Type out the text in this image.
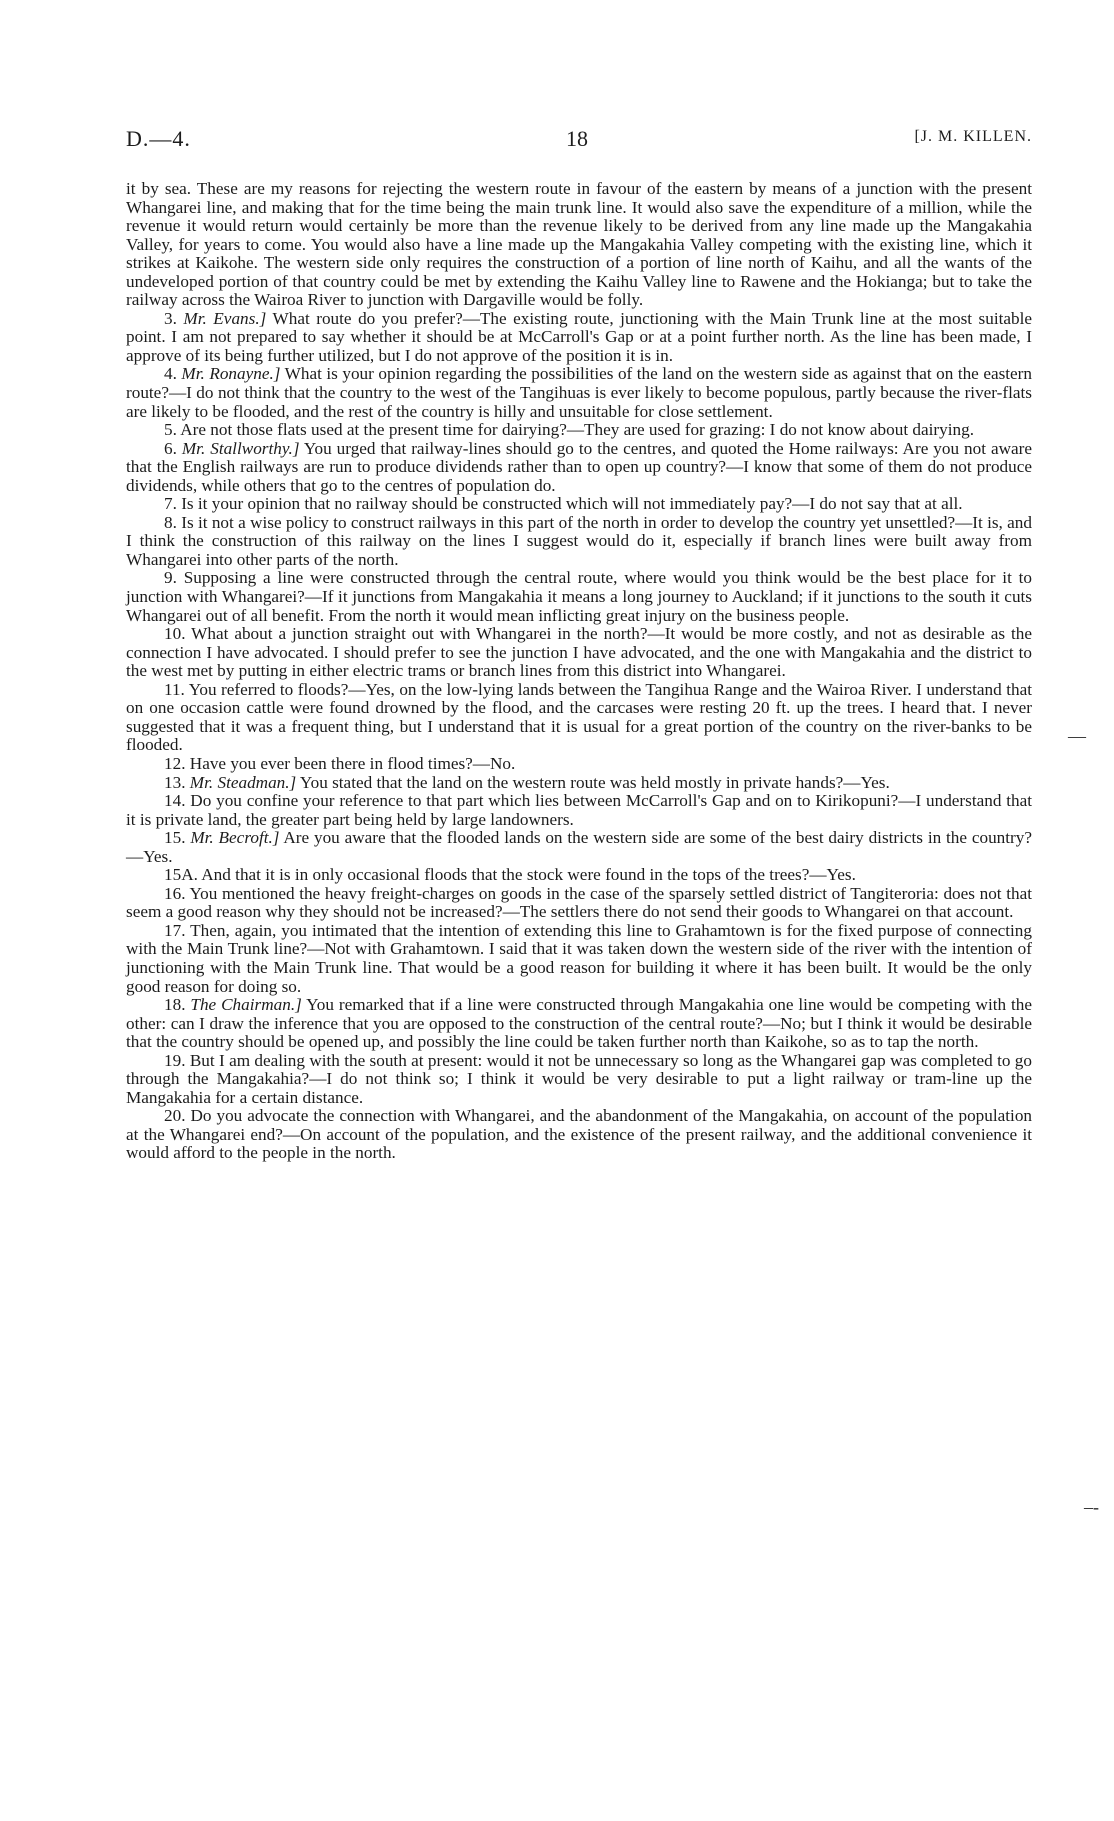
D.—4.	18	[J. M. KILLEN.

it by sea. These are my reasons for rejecting the western route in favour of the eastern by means of a junction with the present Whangarei line, and making that for the time being the main trunk line. It would also save the expenditure of a million, while the revenue it would return would certainly be more than the revenue likely to be derived from any line made up the Mangakahia Valley, for years to come. You would also have a line made up the Mangakahia Valley competing with the existing line, which it strikes at Kaikohe. The western side only requires the construction of a portion of line north of Kaihu, and all the wants of the undeveloped portion of that country could be met by extending the Kaihu Valley line to Rawene and the Hokianga; but to take the railway across the Wairoa River to junction with Dargaville would be folly.

3. Mr. Evans.] What route do you prefer?—The existing route, junctioning with the Main Trunk line at the most suitable point. I am not prepared to say whether it should be at McCarroll's Gap or at a point further north. As the line has been made, I approve of its being further utilized, but I do not approve of the position it is in.

4. Mr. Ronayne.] What is your opinion regarding the possibilities of the land on the western side as against that on the eastern route?—I do not think that the country to the west of the Tangihuas is ever likely to become populous, partly because the river-flats are likely to be flooded, and the rest of the country is hilly and unsuitable for close settlement.

5. Are not those flats used at the present time for dairying?—They are used for grazing: I do not know about dairying.

6. Mr. Stallworthy.] You urged that railway-lines should go to the centres, and quoted the Home railways: Are you not aware that the English railways are run to produce dividends rather than to open up country?—I know that some of them do not produce dividends, while others that go to the centres of population do.

7. Is it your opinion that no railway should be constructed which will not immediately pay?—I do not say that at all.

8. Is it not a wise policy to construct railways in this part of the north in order to develop the country yet unsettled?—It is, and I think the construction of this railway on the lines I suggest would do it, especially if branch lines were built away from Whangarei into other parts of the north.

9. Supposing a line were constructed through the central route, where would you think would be the best place for it to junction with Whangarei?—If it junctions from Mangakahia it means a long journey to Auckland; if it junctions to the south it cuts Whangarei out of all benefit. From the north it would mean inflicting great injury on the business people.

10. What about a junction straight out with Whangarei in the north?—It would be more costly, and not as desirable as the connection I have advocated. I should prefer to see the junction I have advocated, and the one with Mangakahia and the district to the west met by putting in either electric trams or branch lines from this district into Whangarei.

11. You referred to floods?—Yes, on the low-lying lands between the Tangihua Range and the Wairoa River. I understand that on one occasion cattle were found drowned by the flood, and the carcases were resting 20 ft. up the trees. I heard that. I never suggested that it was a frequent thing, but I understand that it is usual for a great portion of the country on the river-banks to be flooded.

12. Have you ever been there in flood times?—No.

13. Mr. Steadman.] You stated that the land on the western route was held mostly in private hands?—Yes.

14. Do you confine your reference to that part which lies between McCarroll's Gap and on to Kirikopuni?—I understand that it is private land, the greater part being held by large landowners.

15. Mr. Becroft.] Are you aware that the flooded lands on the western side are some of the best dairy districts in the country?—Yes.

15A. And that it is in only occasional floods that the stock were found in the tops of the trees?—Yes.

16. You mentioned the heavy freight-charges on goods in the case of the sparsely settled district of Tangiteroria: does not that seem a good reason why they should not be increased?—The settlers there do not send their goods to Whangarei on that account.

17. Then, again, you intimated that the intention of extending this line to Grahamtown is for the fixed purpose of connecting with the Main Trunk line?—Not with Grahamtown. I said that it was taken down the western side of the river with the intention of junctioning with the Main Trunk line. That would be a good reason for building it where it has been built. It would be the only good reason for doing so.

18. The Chairman.] You remarked that if a line were constructed through Mangakahia one line would be competing with the other: can I draw the inference that you are opposed to the construction of the central route?—No; but I think it would be desirable that the country should be opened up, and possibly the line could be taken further north than Kaikohe, so as to tap the north.

19. But I am dealing with the south at present: would it not be unnecessary so long as the Whangarei gap was completed to go through the Mangakahia?—I do not think so; I think it would be very desirable to put a light railway or tram-line up the Mangakahia for a certain distance.

20. Do you advocate the connection with Whangarei, and the abandonment of the Mangakahia, on account of the population at the Whangarei end?—On account of the population, and the existence of the present railway, and the additional convenience it would afford to the people in the north.

—
–-
